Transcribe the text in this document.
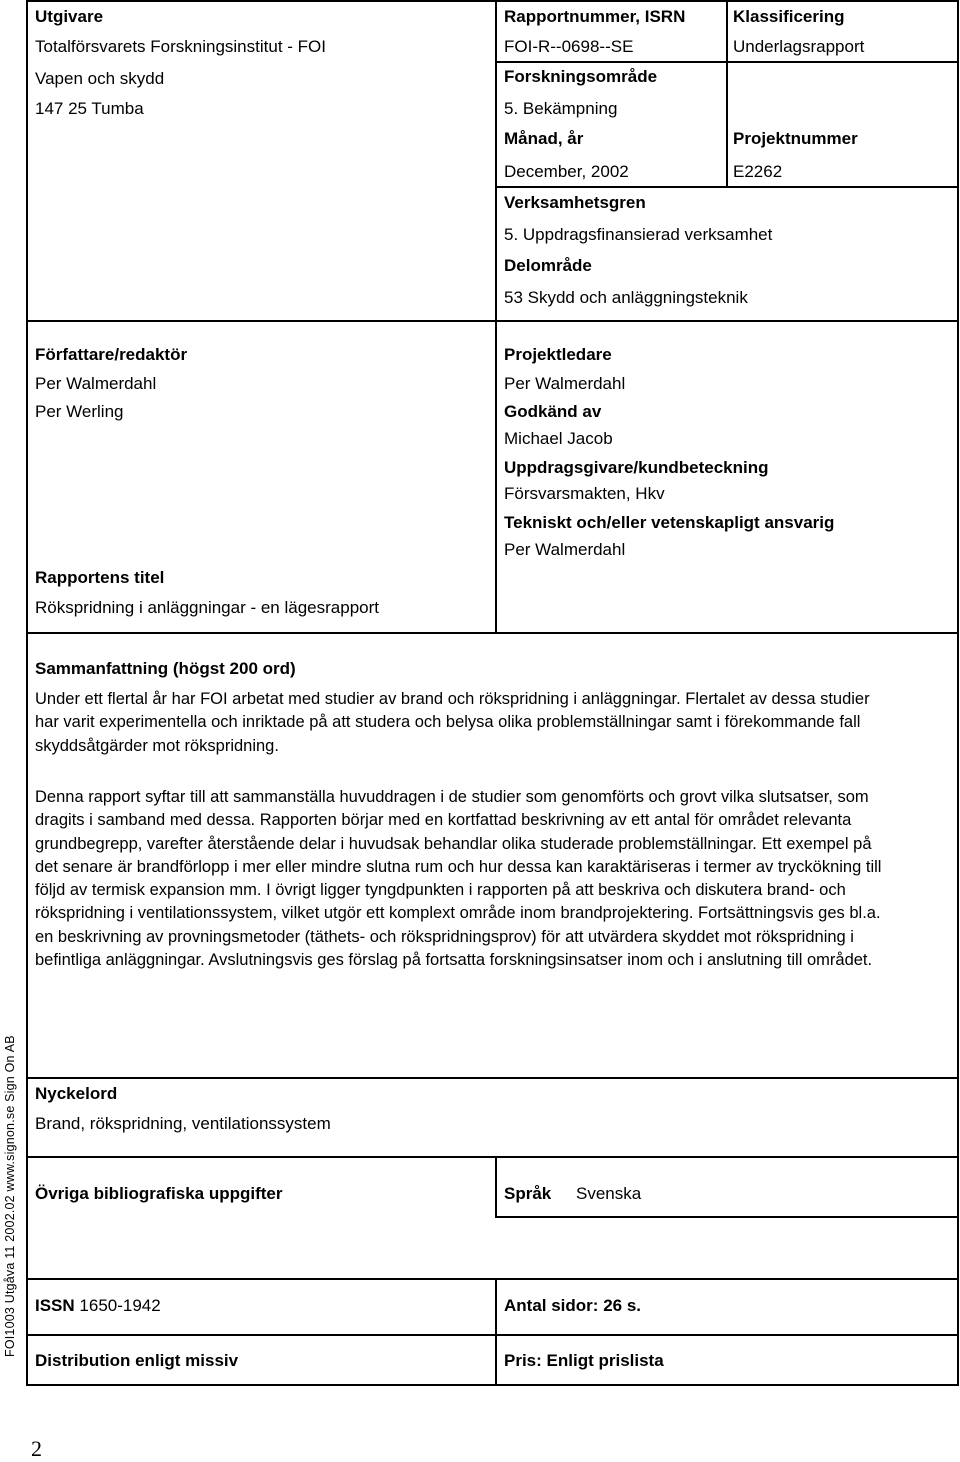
Utgivare
Totalförsvarets Forskningsinstitut - FOI
Vapen och skydd
147 25 Tumba
Rapportnummer, ISRN
FOI-R--0698--SE
Klassificering
Underlagsrapport
Forskningsområde
5. Bekämpning
Månad, år
December, 2002
Projektnummer
E2262
Verksamhetsgren
5. Uppdragsfinansierad verksamhet
Delområde
53 Skydd och anläggningsteknik
Författare/redaktör
Per Walmerdahl
Per Werling
Projektledare
Per Walmerdahl
Godkänd av
Michael Jacob
Uppdragsgivare/kundbeteckning
Försvarsmakten, Hkv
Tekniskt och/eller vetenskapligt ansvarig
Per Walmerdahl
Rapportens titel
Rökspridning i anläggningar - en lägesrapport
Sammanfattning (högst 200 ord)
Under ett flertal år har FOI arbetat med studier av brand och rökspridning i anläggningar. Flertalet av dessa studier
har varit experimentella och inriktade på att studera och belysa olika problemställningar samt i förekommande fall
skyddsåtgärder mot rökspridning.
Denna rapport syftar till att sammanställa huvuddragen i de studier som genomförts och grovt vilka slutsatser, som
dragits i samband med dessa. Rapporten börjar med en kortfattad beskrivning av ett antal för området relevanta
grundbegrepp, varefter återstående delar i huvudsak behandlar olika studerade problemställningar. Ett exempel på
det senare är brandförlopp i mer eller mindre slutna rum och hur dessa kan karaktäriseras i termer av tryckökning till
följd av termisk expansion mm. I övrigt ligger tyngdpunkten i rapporten på att beskriva och diskutera brand- och
rökspridning i ventilationssystem, vilket utgör ett komplext område inom brandprojektering. Fortsättningsvis ges bl.a.
en beskrivning av provningsmetoder (täthets- och rökspridningsprov) för att utvärdera skyddet mot rökspridning i
befintliga anläggningar. Avslutningsvis ges förslag på fortsatta forskningsinsatser inom och i anslutning till området.
Nyckelord
Brand, rökspridning, ventilationssystem
Övriga bibliografiska uppgifter	Språk Svenska
ISSN 1650-1942	Antal sidor: 26 s.
Distribution enligt missiv	Pris: Enligt prislista
FOI1003 Utgåva 11 2002.02 www.signon.se Sign On AB
2
